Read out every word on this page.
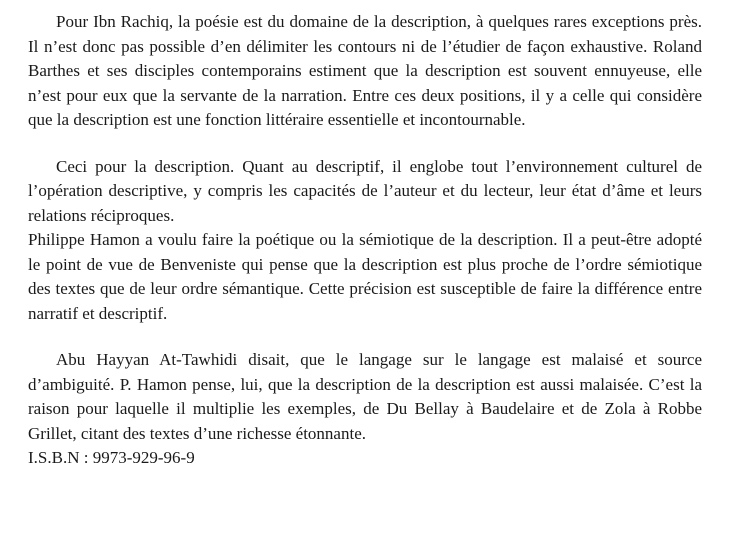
Pour Ibn Rachiq, la poésie est du domaine de la description, à quelques rares exceptions près. Il n’est donc pas possible d’en délimiter les contours ni de l’étudier de façon exhaustive. Roland Barthes et ses disciples contemporains estiment que la description est souvent ennuyeuse, elle n’est pour eux que la servante de la narration. Entre ces deux positions, il y a celle qui considère que la description est une fonction littéraire essentielle et incontournable.

Ceci pour la description. Quant au descriptif, il englobe tout l’environnement culturel de l’opération descriptive, y compris les capacités de l’auteur et du lecteur, leur état d’âme et leurs relations réciproques.

Philippe Hamon a voulu faire la poétique ou la sémiotique de la description. Il a peut-être adopté le point de vue de Benveniste qui pense que la description est plus proche de l’ordre sémiotique des textes que de leur ordre sémantique. Cette précision est susceptible de faire la différence entre narratif et descriptif.

Abu Hayyan At-Tawhidi disait, que le langage sur le langage est malaisé et source d’ambiguité. P. Hamon pense, lui, que la description de la description est aussi malaisée. C’est la raison pour laquelle il multiplie les exemples, de Du Bellay à Baudelaire et de Zola à Robbe Grillet, citant des textes d’une richesse étonnante.

I.S.B.N : 9973-929-96-9
